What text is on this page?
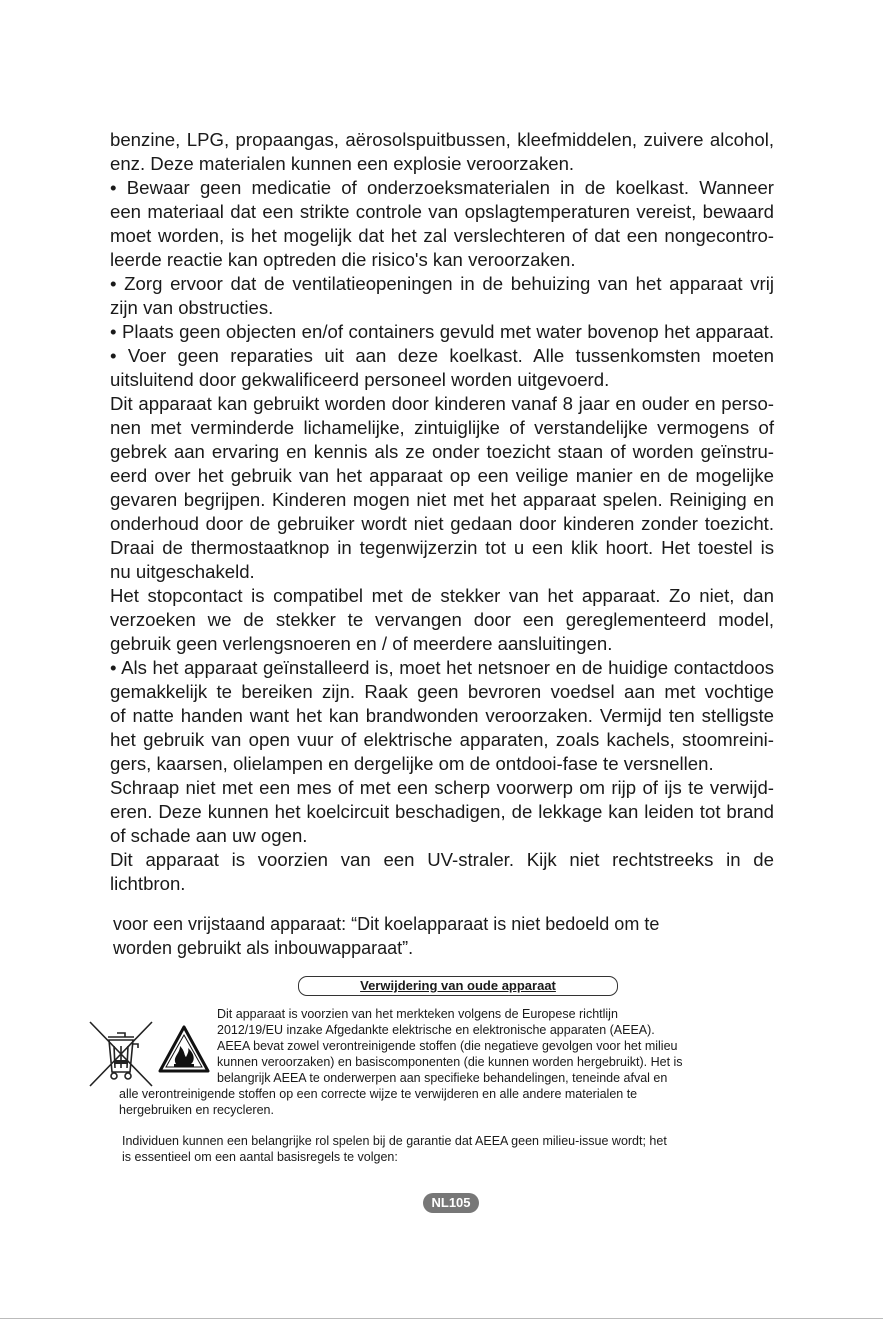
benzine, LPG, propaangas, aërosolspuitbussen, kleefmiddelen, zuivere alcohol,
enz. Deze materialen kunnen een explosie veroorzaken.
• Bewaar geen medicatie of onderzoeksmaterialen in de koelkast. Wanneer
een materiaal dat een strikte controle van opslagtemperaturen vereist, bewaard
moet worden, is het mogelijk dat het zal verslechteren of dat een nongecontro-
leerde reactie kan optreden die risico's kan veroorzaken.
• Zorg ervoor dat de ventilatieopeningen in de behuizing van het apparaat vrij
zijn van obstructies.
• Plaats geen objecten en/of containers gevuld met water bovenop het apparaat.
• Voer geen reparaties uit aan deze koelkast. Alle tussenkomsten moeten
uitsluitend door gekwalificeerd personeel worden uitgevoerd.
Dit apparaat kan gebruikt worden door kinderen vanaf 8 jaar en ouder en perso-
nen met verminderde lichamelijke, zintuiglijke of verstandelijke vermogens of
gebrek aan ervaring en kennis als ze onder toezicht staan of worden geïnstru-
eerd over het gebruik van het apparaat op een veilige manier en de mogelijke
gevaren begrijpen. Kinderen mogen niet met het apparaat spelen. Reiniging en
onderhoud door de gebruiker wordt niet gedaan door kinderen zonder toezicht.
Draai de thermostaatknop in tegenwijzerzin tot u een klik hoort. Het toestel is
nu uitgeschakeld.
Het stopcontact is compatibel met de stekker van het apparaat. Zo niet, dan
verzoeken we de stekker te vervangen door een gereglementeerd model,
gebruik geen verlengsnoeren en / of meerdere aansluitingen.
• Als het apparaat geïnstalleerd is, moet het netsnoer en de huidige contactdoos
gemakkelijk te bereiken zijn. Raak geen bevroren voedsel aan met vochtige
of natte handen want het kan brandwonden veroorzaken. Vermijd ten stelligste
het gebruik van open vuur of elektrische apparaten, zoals kachels, stoomreini-
gers, kaarsen, olielampen en dergelijke om de ontdooi-fase te versnellen.
Schraap niet met een mes of met een scherp voorwerp om rijp of ijs te verwijd-
eren. Deze kunnen het koelcircuit beschadigen, de lekkage kan leiden tot brand
of schade aan uw ogen.
Dit apparaat is voorzien van een UV-straler. Kijk niet rechtstreeks in de
lichtbron.
voor een vrijstaand apparaat: “Dit koelapparaat is niet bedoeld om te
worden gebruikt als inbouwapparaat”.
Verwijdering van oude apparaat
Dit apparaat is voorzien van het merkteken volgens de Europese richtlijn
2012/19/EU inzake Afgedankte elektrische en elektronische apparaten (AEEA).
AEEA bevat zowel verontreinigende stoffen (die negatieve gevolgen voor het milieu
kunnen veroorzaken) en basiscomponenten (die kunnen worden hergebruikt). Het is
belangrijk AEEA te onderwerpen aan specifieke behandelingen, teneinde afval en
alle verontreinigende stoffen op een correcte wijze te verwijderen en alle andere materialen te
hergebruiken en recycleren.
Individuen kunnen een belangrijke rol spelen bij de garantie dat AEEA geen milieu-issue wordt; het
is essentieel om een aantal basisregels te volgen:
NL105
